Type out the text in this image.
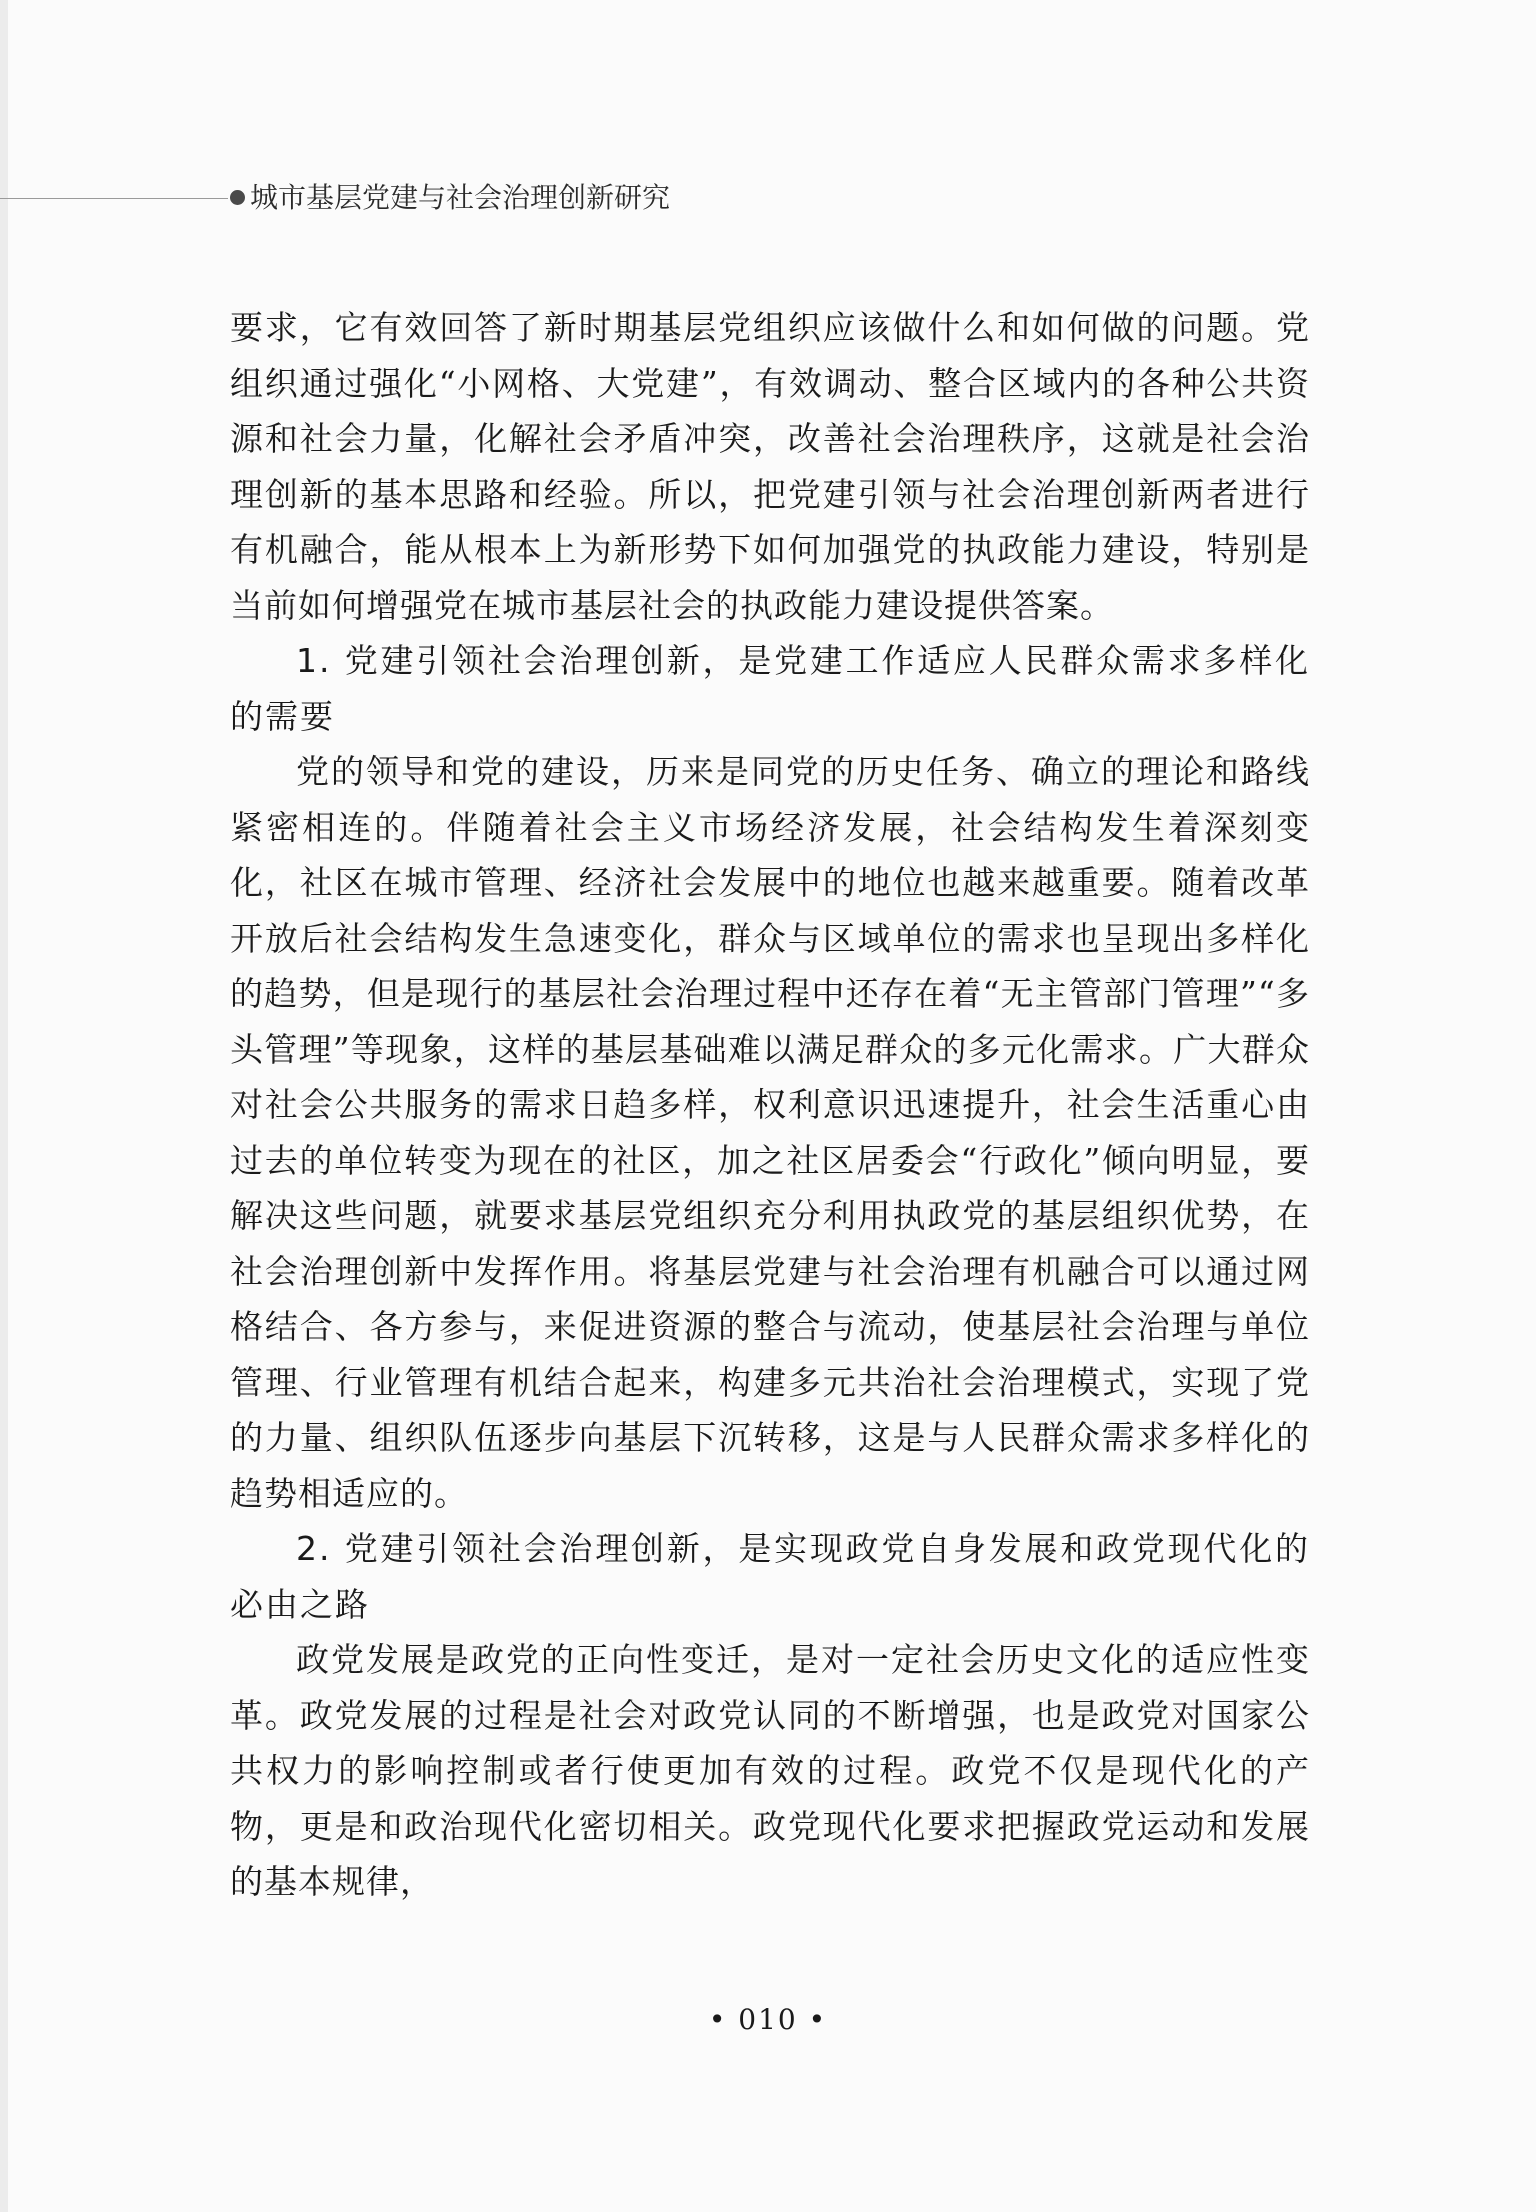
城市基层党建与社会治理创新研究

要求，它有效回答了新时期基层党组织应该做什么和如何做的问题。党组织通过强化“小网格、大党建”，有效调动、整合区域内的各种公共资源和社会力量，化解社会矛盾冲突，改善社会治理秩序，这就是社会治理创新的基本思路和经验。所以，把党建引领与社会治理创新两者进行有机融合，能从根本上为新形势下如何加强党的执政能力建设，特别是当前如何增强党在城市基层社会的执政能力建设提供答案。

1. 党建引领社会治理创新，是党建工作适应人民群众需求多样化的需要

党的领导和党的建设，历来是同党的历史任务、确立的理论和路线紧密相连的。伴随着社会主义市场经济发展，社会结构发生着深刻变化，社区在城市管理、经济社会发展中的地位也越来越重要。随着改革开放后社会结构发生急速变化，群众与区域单位的需求也呈现出多样化的趋势，但是现行的基层社会治理过程中还存在着“无主管部门管理”“多头管理”等现象，这样的基层基础难以满足群众的多元化需求。广大群众对社会公共服务的需求日趋多样，权利意识迅速提升，社会生活重心由过去的单位转变为现在的社区，加之社区居委会“行政化”倾向明显，要解决这些问题，就要求基层党组织充分利用执政党的基层组织优势，在社会治理创新中发挥作用。将基层党建与社会治理有机融合可以通过网格结合、各方参与，来促进资源的整合与流动，使基层社会治理与单位管理、行业管理有机结合起来，构建多元共治社会治理模式，实现了党的力量、组织队伍逐步向基层下沉转移，这是与人民群众需求多样化的趋势相适应的。

2. 党建引领社会治理创新，是实现政党自身发展和政党现代化的必由之路

政党发展是政党的正向性变迁，是对一定社会历史文化的适应性变革。政党发展的过程是社会对政党认同的不断增强，也是政党对国家公共权力的影响控制或者行使更加有效的过程。政党不仅是现代化的产物，更是和政治现代化密切相关。政党现代化要求把握政党运动和发展的基本规律，

• 010 •
